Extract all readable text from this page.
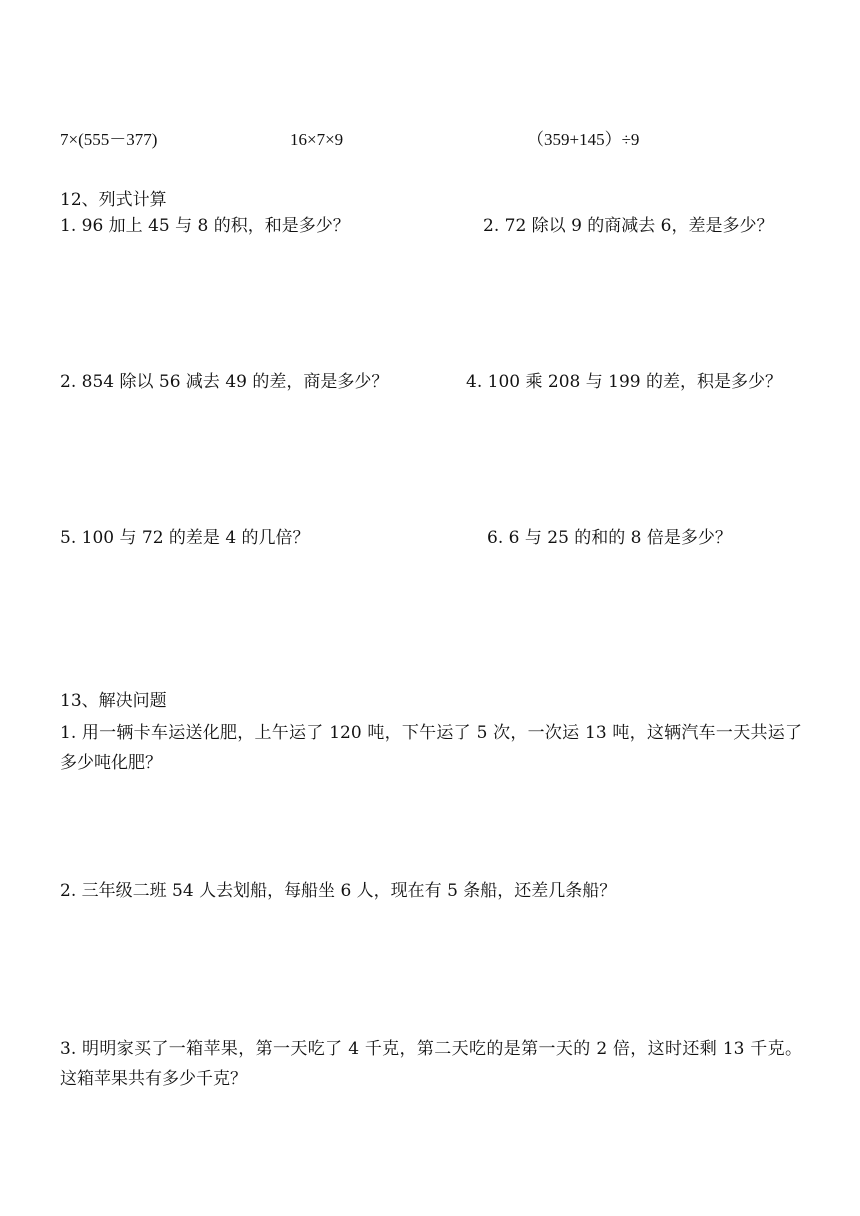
7×(555－377)	16×7×9	（359+145）÷9
12、列式计算
1. 96 加上 45 与 8 的积，和是多少？	2. 72 除以 9 的商减去 6，差是多少？
2. 854 除以 56 减去 49 的差，商是多少？	4. 100 乘 208 与 199 的差，积是多少？
5. 100 与 72 的差是 4 的几倍？	6. 6 与 25 的和的 8 倍是多少？
13、解决问题
1. 用一辆卡车运送化肥，上午运了 120 吨，下午运了 5 次，一次运 13 吨，这辆汽车一天共运了多少吨化肥？
2. 三年级二班 54 人去划船，每船坐 6 人，现在有 5 条船，还差几条船？
3. 明明家买了一箱苹果，第一天吃了 4 千克，第二天吃的是第一天的 2 倍，这时还剩 13 千克。这箱苹果共有多少千克？
